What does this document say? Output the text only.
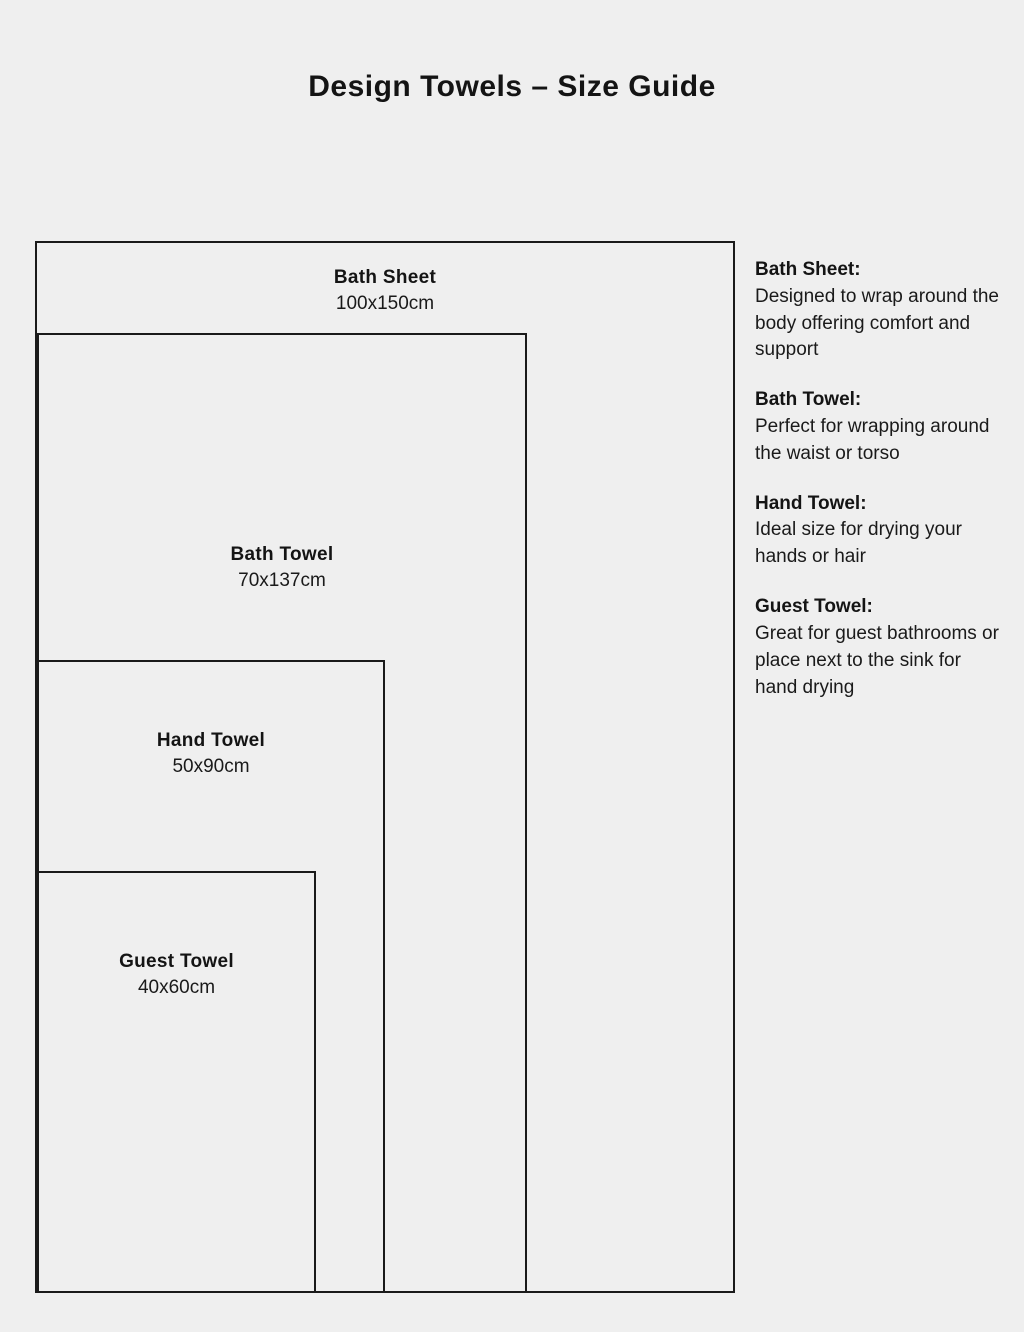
Design Towels – Size Guide
Bath Sheet
100x150cm
Bath Towel
70x137cm
Hand Towel
50x90cm
Guest Towel
40x60cm
Bath Sheet:
Designed to wrap around the body offering comfort and support
Bath Towel:
Perfect for wrapping around the waist or torso
Hand Towel:
Ideal size for drying your hands or hair
Guest Towel:
Great for guest bathrooms or place next to the sink for hand drying
